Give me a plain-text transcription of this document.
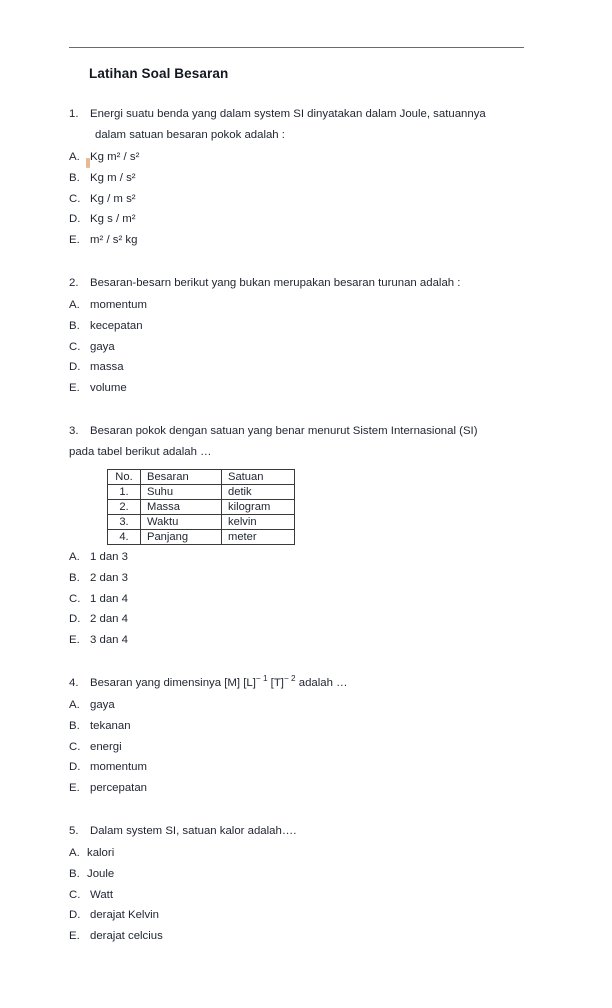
Latihan Soal Besaran
1.	Energi suatu benda yang dalam system SI dinyatakan dalam Joule, satuannya
dalam satuan besaran pokok adalah :
A. Kg m² / s²
B. Kg m / s²
C. Kg / m s²
D. Kg s / m²
E. m² / s² kg
2.	Besaran-besarn berikut yang bukan merupakan besaran turunan adalah :
A. momentum
B. kecepatan
C. gaya
D. massa
E. volume
3.	Besaran pokok dengan satuan yang benar menurut Sistem Internasional (SI)
pada tabel berikut adalah …
No.	Besaran	Satuan
1.	Suhu	detik
2.	Massa	kilogram
3.	Waktu	kelvin
4.	Panjang	meter
A. 1 dan 3
B. 2 dan 3
C. 1 dan 4
D. 2 dan 4
E. 3 dan 4
4.	Besaran yang dimensinya [M] $[L]^{- 1}$ $[T]^{- 2}$ adalah …
A. gaya
B. tekanan
C. energi
D. momentum
E. percepatan
5.	Dalam system SI, satuan kalor adalah….
A. kalori
B. Joule
C. Watt
D. derajat Kelvin
E. derajat celcius
